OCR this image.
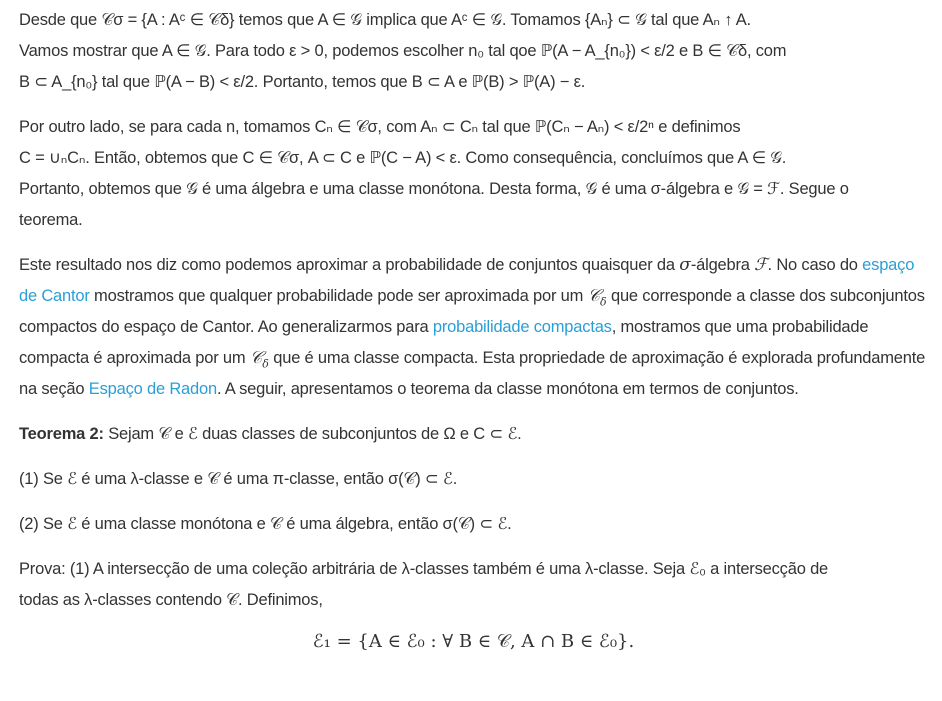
Desde que 𝒞σ = {A : Aᶜ ∈ 𝒞δ} temos que A ∈ 𝒢 implica que Aᶜ ∈ 𝒢. Tomamos {Aₙ} ⊂ 𝒢 tal que Aₙ ↑ A.

Vamos mostrar que A ∈ 𝒢. Para todo ε > 0, podemos escolher n₀ tal qoe ℙ(A − A_{n₀}) < ε/2 e B ∈ 𝒞δ, com

B ⊂ A_{n₀} tal que ℙ(A − B) < ε/2. Portanto, temos que B ⊂ A e ℙ(B) > ℙ(A) − ε.

Por outro lado, se para cada n, tomamos Cₙ ∈ 𝒞σ, com Aₙ ⊂ Cₙ tal que ℙ(Cₙ − Aₙ) < ε/2ⁿ e definimos

C = ∪ₙCₙ. Então, obtemos que C ∈ 𝒞σ, A ⊂ C e ℙ(C − A) < ε. Como consequência, concluímos que A ∈ 𝒢.

Portanto, obtemos que 𝒢 é uma álgebra e uma classe monótona. Desta forma, 𝒢 é uma σ-álgebra e 𝒢 = ℱ. Segue o

teorema.

Este resultado nos diz como podemos aproximar a probabilidade de conjuntos quaisquer da σ-álgebra ℱ. No caso do espaço de Cantor mostramos que qualquer probabilidade pode ser aproximada por um 𝒞$_\delta$ que corresponde a classe dos subconjuntos compactos do espaço de Cantor. Ao generalizarmos para probabilidade compactas, mostramos que uma probabilidade compacta é aproximada por um 𝒞$_\delta$ que é uma classe compacta. Esta propriedade de aproximação é explorada profundamente na seção Espaço de Radon. A seguir, apresentamos o teorema da classe monótona em termos de conjuntos.

Teorema 2: Sejam 𝒞 e ℰ duas classes de subconjuntos de Ω e C ⊂ ℰ.

(1) Se ℰ é uma λ-classe e 𝒞 é uma π-classe, então σ(𝒞) ⊂ ℰ.

(2) Se ℰ é uma classe monótona e 𝒞 é uma álgebra, então σ(𝒞) ⊂ ℰ.

Prova: (1) A intersecção de uma coleção arbitrária de λ-classes também é uma λ-classe. Seja ℰ₀ a intersecção de

todas as λ-classes contendo 𝒞. Definimos,

ℰ₁ = {A ∈ ℰ₀ : ∀ B ∈ 𝒞, A ∩ B ∈ ℰ₀}.
